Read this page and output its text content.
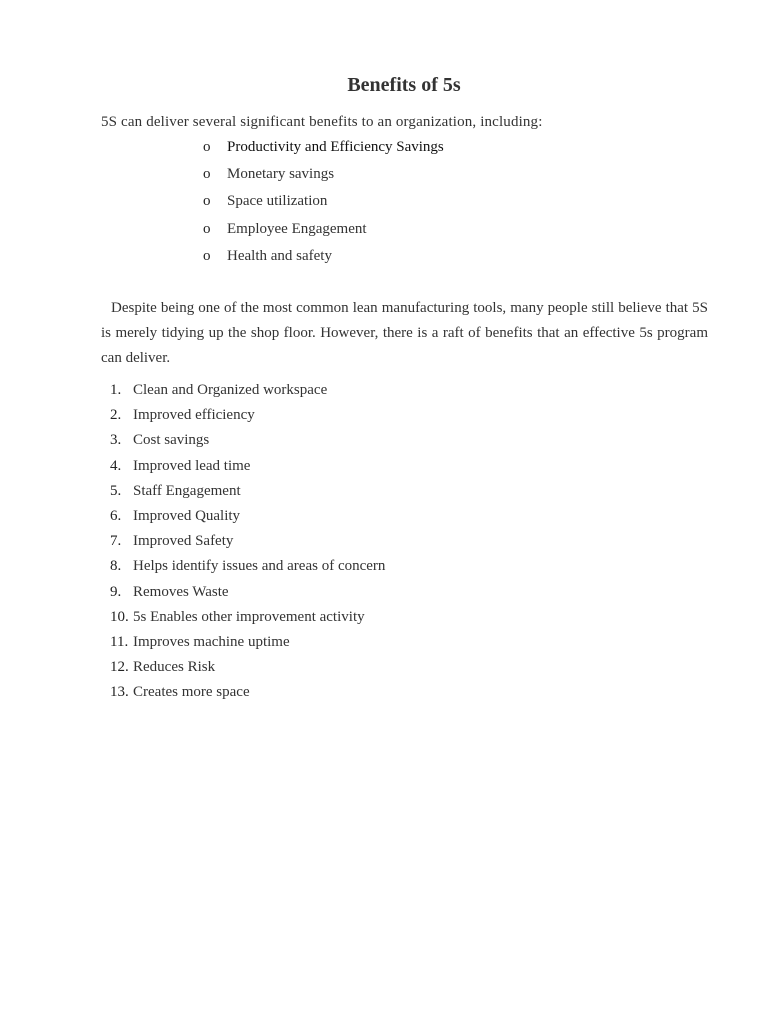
Benefits of 5s

5S can deliver several significant benefits to an organization, including:

o	Productivity and Efficiency Savings
o	Monetary savings
o	Space utilization
o	Employee Engagement
o	Health and safety

Despite being one of the most common lean manufacturing tools, many people still believe that 5S is merely tidying up the shop floor. However, there is a raft of benefits that an effective 5s program can deliver.

1. Clean and Organized workspace
2. Improved efficiency
3. Cost savings
4. Improved lead time
5. Staff Engagement
6. Improved Quality
7. Improved Safety
8. Helps identify issues and areas of concern
9. Removes Waste
10. 5s Enables other improvement activity
11. Improves machine uptime
12. Reduces Risk
13. Creates more space
